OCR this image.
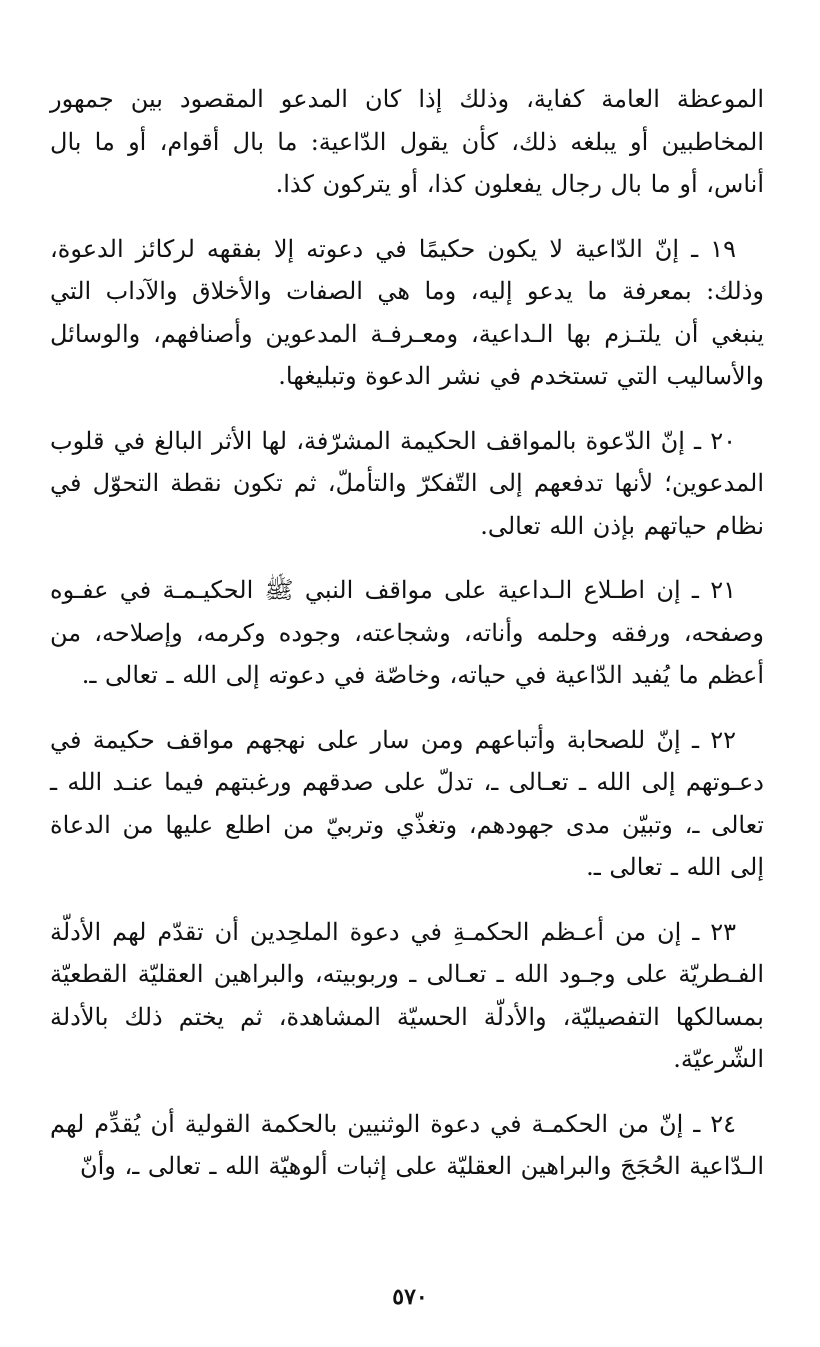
الموعظة العامة كفاية، وذلك إذا كان المدعو المقصود بين جمهور المخاطبين أو يبلغه ذلك، كأن يقول الدّاعية: ما بال أقوام، أو ما بال أناس، أو ما بال رجال يفعلون كذا، أو يتركون كذا.

١٩ ـ إنّ الدّاعية لا يكون حكيمًا في دعوته إلا بفقهه لركائز الدعوة، وذلك: بمعرفة ما يدعو إليه، وما هي الصفات والأخلاق والآداب التي ينبغي أن يلتـزم بها الـداعية، ومعـرفـة المدعوين وأصنافهم، والوسائل والأساليب التي تستخدم في نشر الدعوة وتبليغها.

٢٠ ـ إنّ الدّعوة بالمواقف الحكيمة المشرّفة، لها الأثر البالغ في قلوب المدعوين؛ لأنها تدفعهم إلى التّفكرّ والتأملّ، ثم تكون نقطة التحوّل في نظام حياتهم بإذن الله تعالى.

٢١ ـ إن اطـلاع الـداعية على مواقف النبي ﷺ الحكيـمـة في عفـوه وصفحه، ورفقه وحلمه وأناته، وشجاعته، وجوده وكرمه، وإصلاحه، من أعظم ما يُفيد الدّاعية في حياته، وخاصّة في دعوته إلى الله ـ تعالى ـ.

٢٢ ـ إنّ للصحابة وأتباعهم ومن سار على نهجهم مواقف حكيمة في دعـوتهم إلى الله ـ تعـالى ـ، تدلّ على صدقهم ورغبتهم فيما عنـد الله ـ تعالى ـ، وتبيّن مدى جهودهم، وتغذّي وتربيّ من اطلع عليها من الدعاة إلى الله ـ تعالى ـ.

٢٣ ـ إن من أعـظم الحكمـةِ في دعوة الملحِدين أن تقدّم لهم الأدلّة الفـطريّة على وجـود الله ـ تعـالى ـ وربوبيته، والبراهين العقليّة القطعيّة بمسالكها التفصيليّة، والأدلّة الحسيّة المشاهدة، ثم يختم ذلك بالأدلة الشّرعيّة.

٢٤ ـ إنّ من الحكمـة في دعوة الوثنيين بالحكمة القولية أن يُقدِّم لهم الـدّاعية الحُجَجَ والبراهين العقليّة على إثبات ألوهيّة الله ـ تعالى ـ، وأنّ

٥٧٠
